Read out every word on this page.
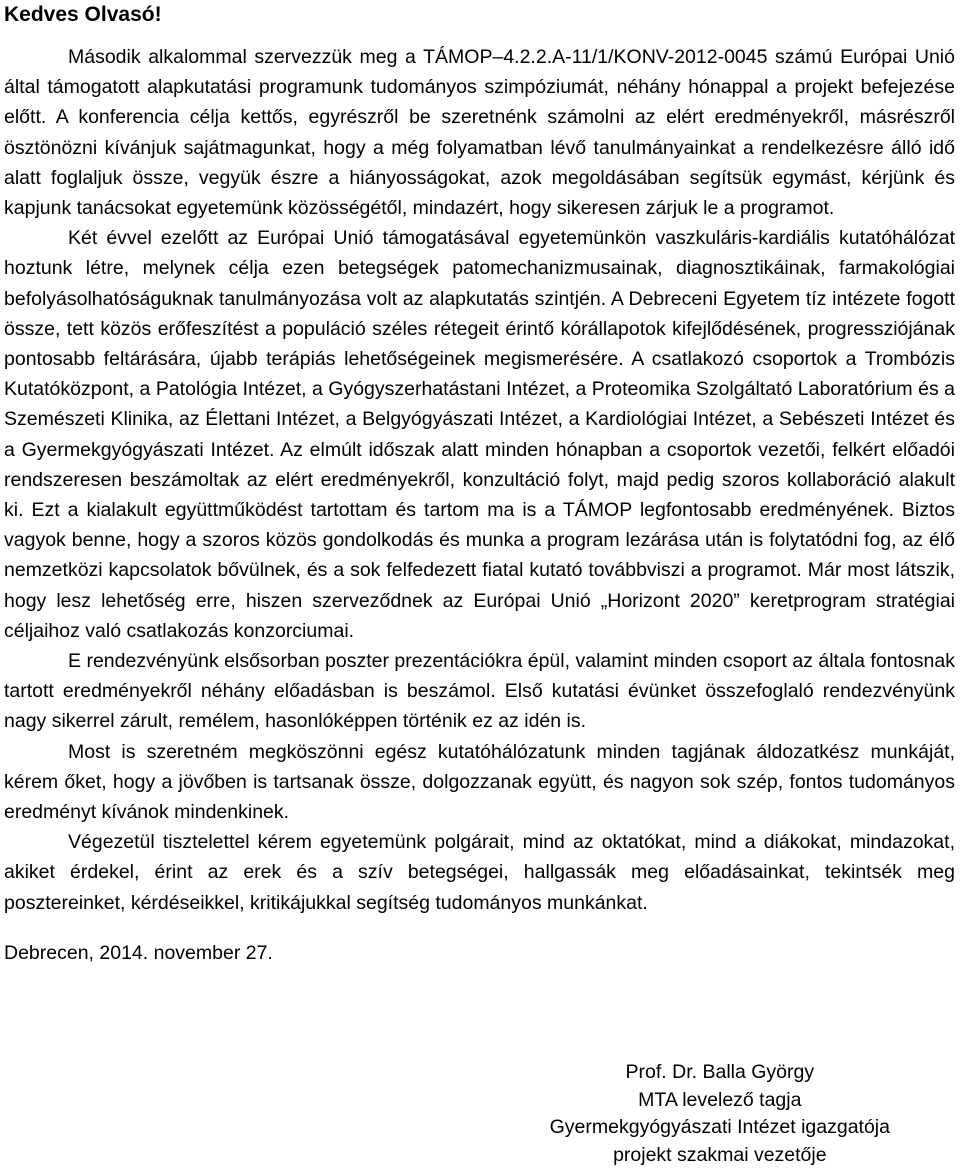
Kedves Olvasó!

Második alkalommal szervezzük meg a TÁMOP–4.2.2.A-11/1/KONV-2012-0045 számú Európai Unió által támogatott alapkutatási programunk tudományos szimpóziumát, néhány hónappal a projekt befejezése előtt. A konferencia célja kettős, egyrészről be szeretnénk számolni az elért eredményekről, másrészről ösztönözni kívánjuk sajátmagunkat, hogy a még folyamatban lévő tanulmányainkat a rendelkezésre álló idő alatt foglaljuk össze, vegyük észre a hiányosságokat, azok megoldásában segítsük egymást, kérjünk és kapjunk tanácsokat egyetemünk közösségétől, mindazért, hogy sikeresen zárjuk le a programot.

Két évvel ezelőtt az Európai Unió támogatásával egyetemünkön vaszkuláris-kardiális kutatóhálózat hoztunk létre, melynek célja ezen betegségek patomechanizmusainak, diagnosztikáinak, farmakológiai befolyásolhatóságuknak tanulmányozása volt az alapkutatás szintjén. A Debreceni Egyetem tíz intézete fogott össze, tett közös erőfeszítést a populáció széles rétegeit érintő kórállapotok kifejlődésének, progressziójának pontosabb feltárására, újabb terápiás lehetőségeinek megismerésére. A csatlakozó csoportok a Trombózis Kutatóközpont, a Patológia Intézet, a Gyógyszerhatástani Intézet, a Proteomika Szolgáltató Laboratórium és a Szemészeti Klinika, az Élettani Intézet, a Belgyógyászati Intézet, a Kardiológiai Intézet, a Sebészeti Intézet és a Gyermekgyógyászati Intézet. Az elmúlt időszak alatt minden hónapban a csoportok vezetői, felkért előadói rendszeresen beszámoltak az elért eredményekről, konzultáció folyt, majd pedig szoros kollaboráció alakult ki. Ezt a kialakult együttműködést tartottam és tartom ma is a TÁMOP legfontosabb eredményének. Biztos vagyok benne, hogy a szoros közös gondolkodás és munka a program lezárása után is folytatódni fog, az élő nemzetközi kapcsolatok bővülnek, és a sok felfedezett fiatal kutató továbbviszi a programot. Már most látszik, hogy lesz lehetőség erre, hiszen szerveződnek az Európai Unió „Horizont 2020” keretprogram stratégiai céljaihoz való csatlakozás konzorciumai.

E rendezvényünk elsősorban poszter prezentációkra épül, valamint minden csoport az általa fontosnak tartott eredményekről néhány előadásban is beszámol. Első kutatási évünket összefoglaló rendezvényünk nagy sikerrel zárult, remélem, hasonlóképpen történik ez az idén is.

Most is szeretném megköszönni egész kutatóhálózatunk minden tagjának áldozatkész munkáját, kérem őket, hogy a jövőben is tartsanak össze, dolgozzanak együtt, és nagyon sok szép, fontos tudományos eredményt kívánok mindenkinek.

Végezetül tisztelettel kérem egyetemünk polgárait, mind az oktatókat, mind a diákokat, mindazokat, akiket érdekel, érint az erek és a szív betegségei, hallgassák meg előadásainkat, tekintsék meg posztereinket, kérdéseikkel, kritikájukkal segítség tudományos munkánkat.

Debrecen, 2014. november 27.

Prof. Dr. Balla György
MTA levelező tagja
Gyermekgyógyászati Intézet igazgatója
projekt szakmai vezetője
